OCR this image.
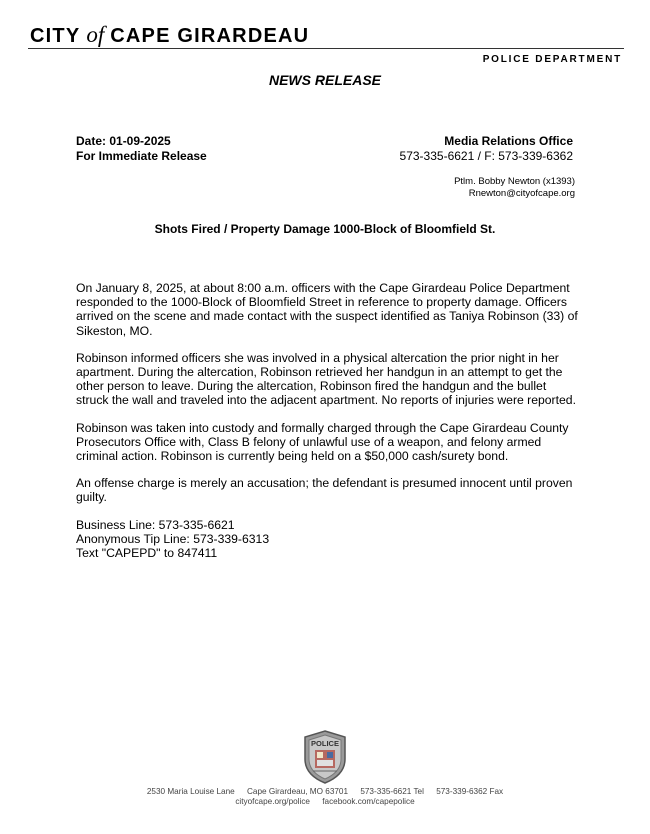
CITY of CAPE GIRARDEAU
POLICE DEPARTMENT
NEWS RELEASE
Date: 01-09-2025
For Immediate Release
Media Relations Office
573-335-6621 / F: 573-339-6362
Ptlm. Bobby Newton (x1393)
Rnewton@cityofcape.org
Shots Fired / Property Damage 1000-Block of Bloomfield St.

On January 8, 2025, at about 8:00 a.m. officers with the Cape Girardeau Police Department responded to the 1000-Block of Bloomfield Street in reference to property damage. Officers arrived on the scene and made contact with the suspect identified as Taniya Robinson (33) of Sikeston, MO.

Robinson informed officers she was involved in a physical altercation the prior night in her apartment. During the altercation, Robinson retrieved her handgun in an attempt to get the other person to leave. During the altercation, Robinson fired the handgun and the bullet struck the wall and traveled into the adjacent apartment. No reports of injuries were reported.

Robinson was taken into custody and formally charged through the Cape Girardeau County Prosecutors Office with, Class B felony of unlawful use of a weapon, and felony armed criminal action. Robinson is currently being held on a $50,000 cash/surety bond.

An offense charge is merely an accusation; the defendant is presumed innocent until proven guilty.

Business Line: 573-335-6621
Anonymous Tip Line: 573-339-6313
Text "CAPEPD" to 847411
POLICE
2530 Maria Louise Lane Cape Girardeau, MO 63701 573-335-6621 Tel 573-339-6362 Fax
cityofcape.org/police facebook.com/capepolice
